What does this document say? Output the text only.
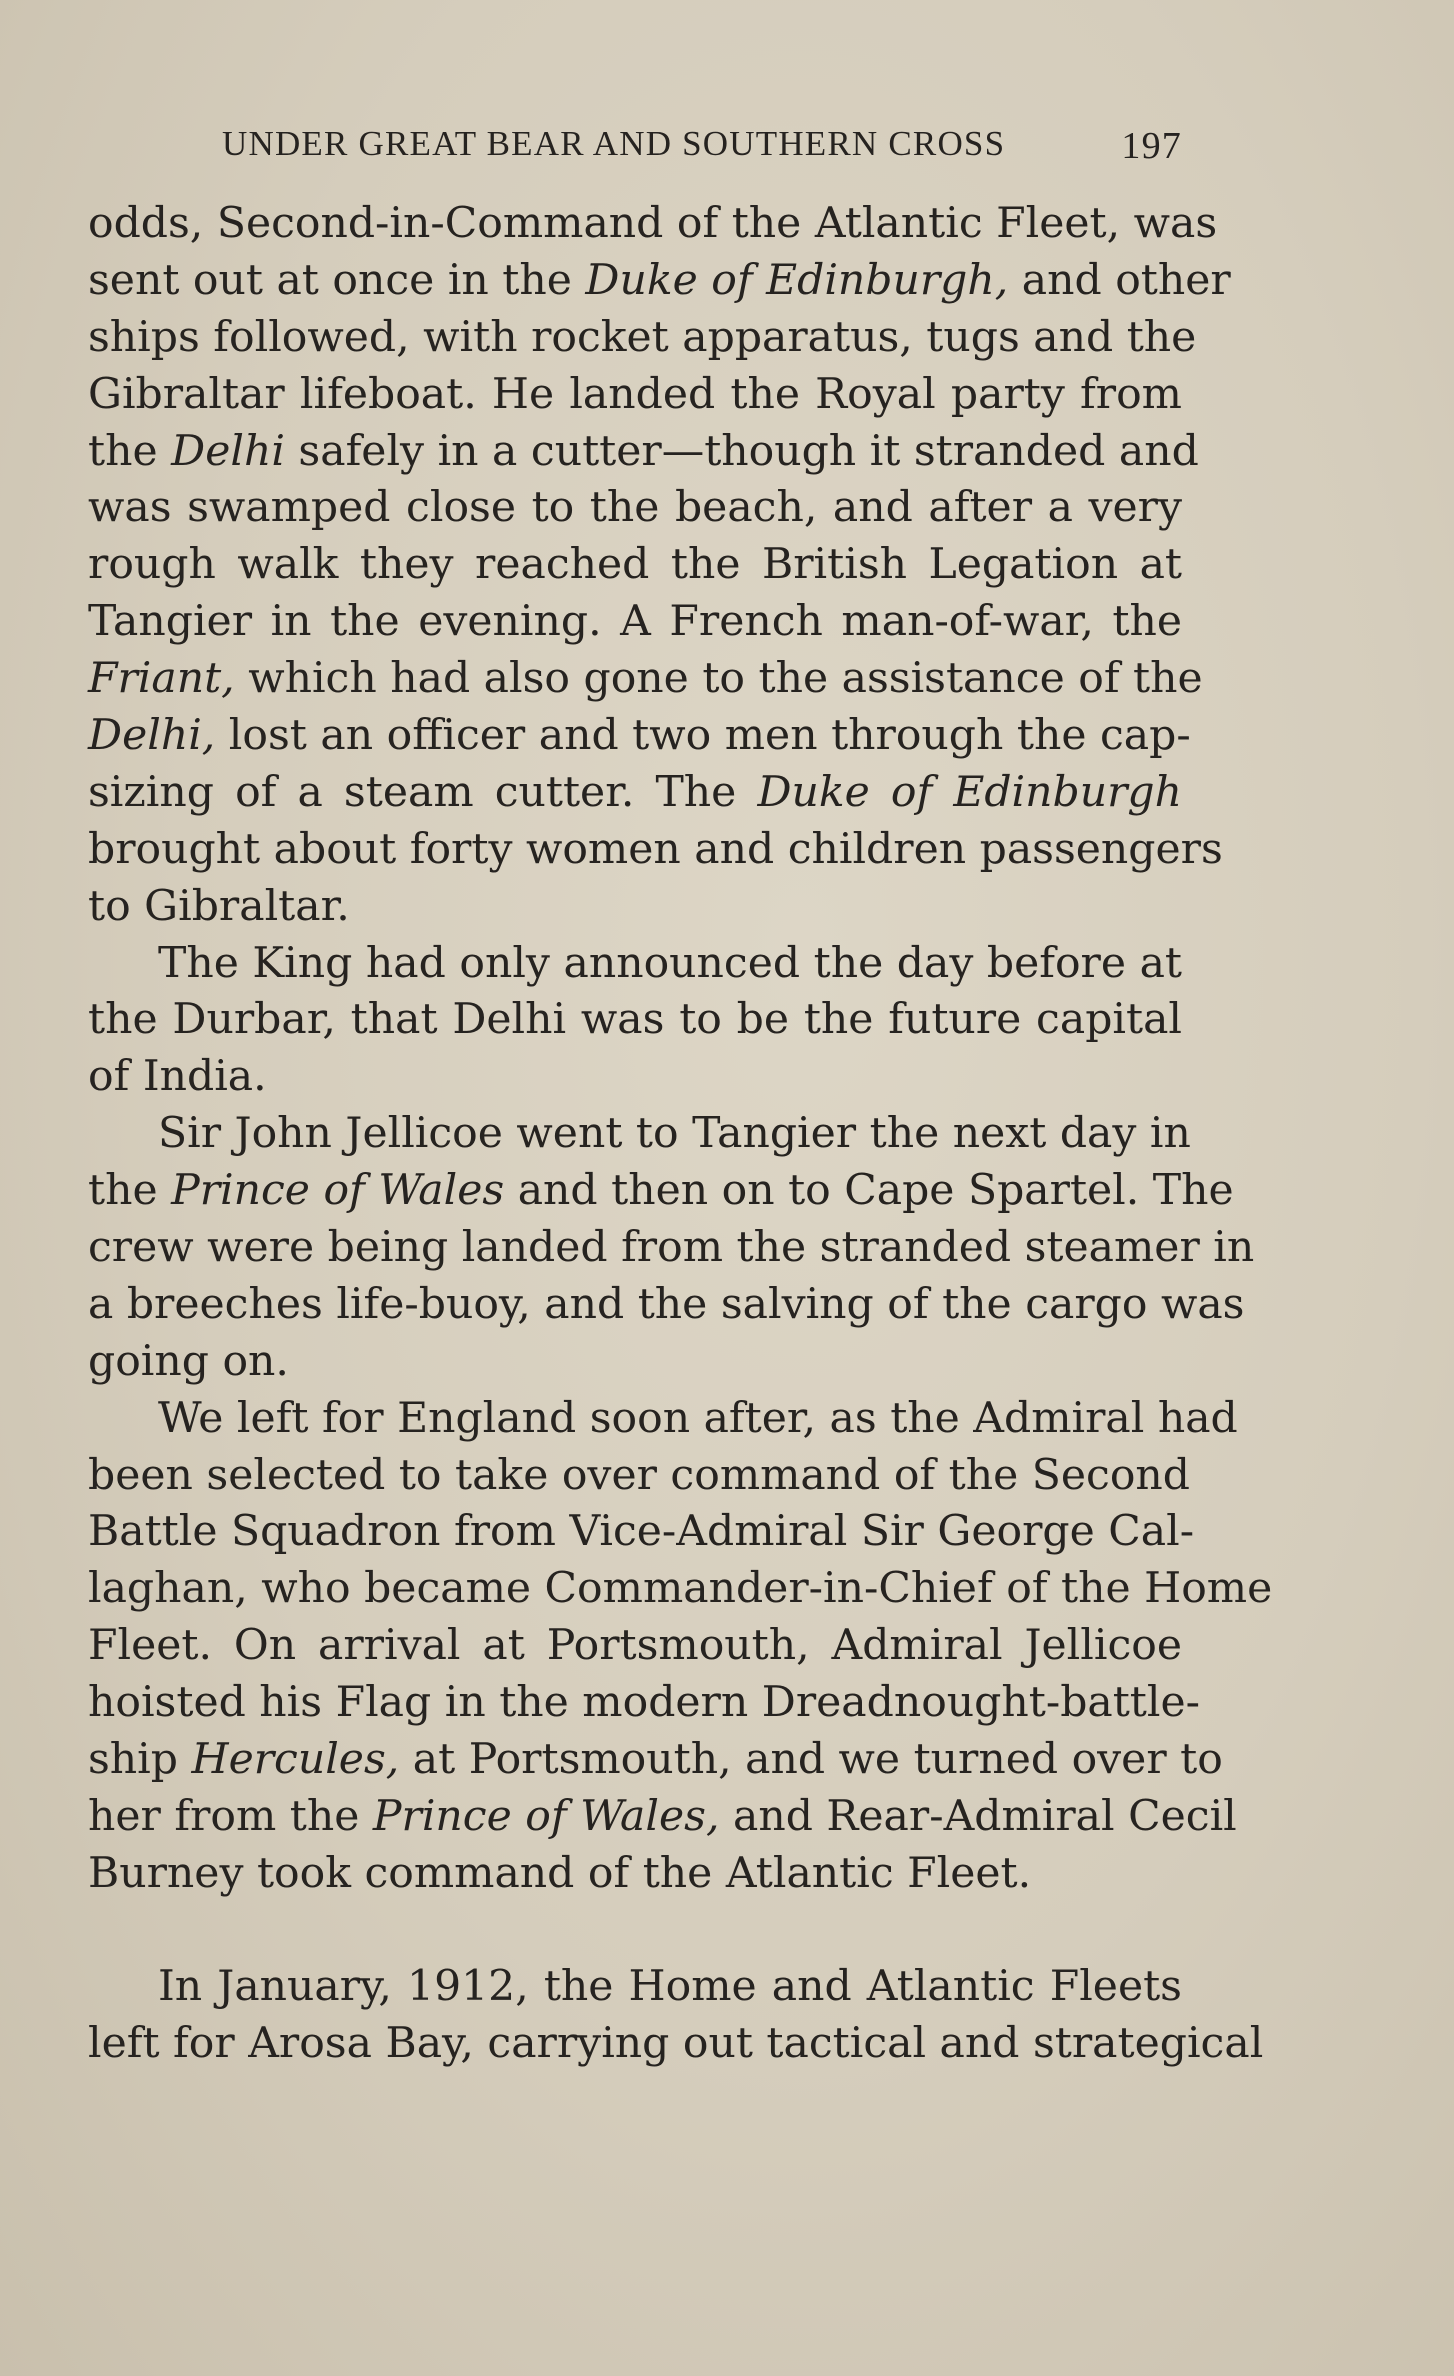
UNDER GREAT BEAR AND SOUTHERN CROSS	197
odds, Second-in-Command of the Atlantic Fleet, was
sent out at once in the Duke of Edinburgh, and other
ships followed, with rocket apparatus, tugs and the
Gibraltar lifeboat. He landed the Royal party from
the Delhi safely in a cutter—though it stranded and
was swamped close to the beach, and after a very
rough walk they reached the British Legation at
Tangier in the evening. A French man-of-war, the
Friant, which had also gone to the assistance of the
Delhi, lost an officer and two men through the cap-
sizing of a steam cutter. The Duke of Edinburgh
brought about forty women and children passengers
to Gibraltar.
The King had only announced the day before at
the Durbar, that Delhi was to be the future capital
of India.
Sir John Jellicoe went to Tangier the next day in
the Prince of Wales and then on to Cape Spartel. The
crew were being landed from the stranded steamer in
a breeches life-buoy, and the salving of the cargo was
going on.
We left for England soon after, as the Admiral had
been selected to take over command of the Second
Battle Squadron from Vice-Admiral Sir George Cal-
laghan, who became Commander-in-Chief of the Home
Fleet. On arrival at Portsmouth, Admiral Jellicoe
hoisted his Flag in the modern Dreadnought-battle-
ship Hercules, at Portsmouth, and we turned over to
her from the Prince of Wales, and Rear-Admiral Cecil
Burney took command of the Atlantic Fleet.
In January, 1912, the Home and Atlantic Fleets
left for Arosa Bay, carrying out tactical and strategical
